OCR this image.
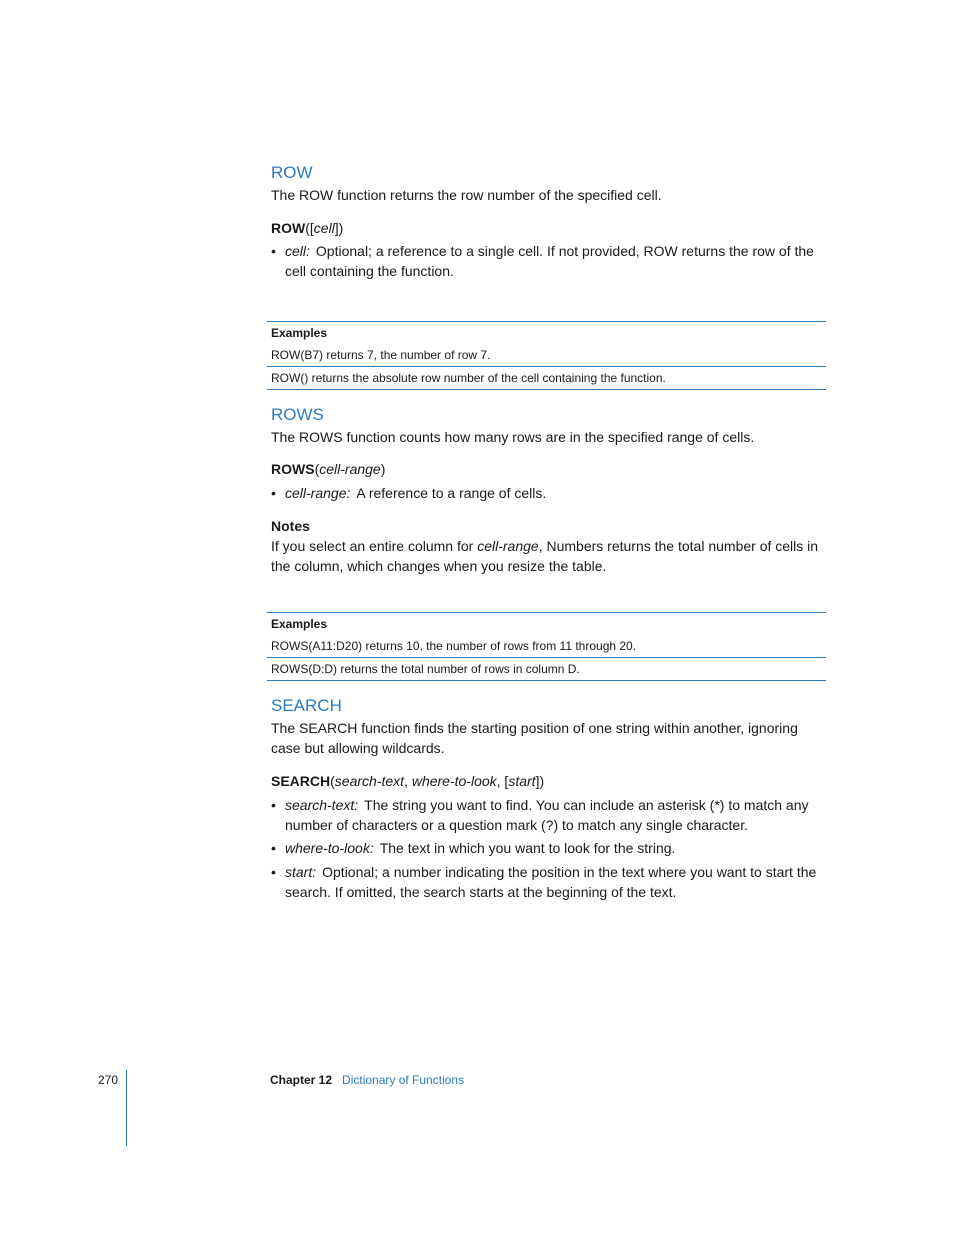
ROW

The ROW function returns the row number of the specified cell.

ROW([cell])
• cell: Optional; a reference to a single cell. If not provided, ROW returns the row of the cell containing the function.
Examples
ROW(B7) returns 7, the number of row 7.
ROW() returns the absolute row number of the cell containing the function.
ROWS

The ROWS function counts how many rows are in the specified range of cells.

ROWS(cell-range)
• cell-range: A reference to a range of cells.
Notes

If you select an entire column for cell-range, Numbers returns the total number of cells in the column, which changes when you resize the table.

Examples
ROWS(A11:D20) returns 10, the number of rows from 11 through 20.
ROWS(D:D) returns the total number of rows in column D.
SEARCH

The SEARCH function finds the starting position of one string within another, ignoring case but allowing wildcards.

SEARCH(search-text, where-to-look, [start])
• search-text: The string you want to find. You can include an asterisk (*) to match any number of characters or a question mark (?) to match any single character.
• where-to-look: The text in which you want to look for the string.
• start: Optional; a number indicating the position in the text where you want to start the search. If omitted, the search starts at the beginning of the text.
270	Chapter 12 Dictionary of Functions
